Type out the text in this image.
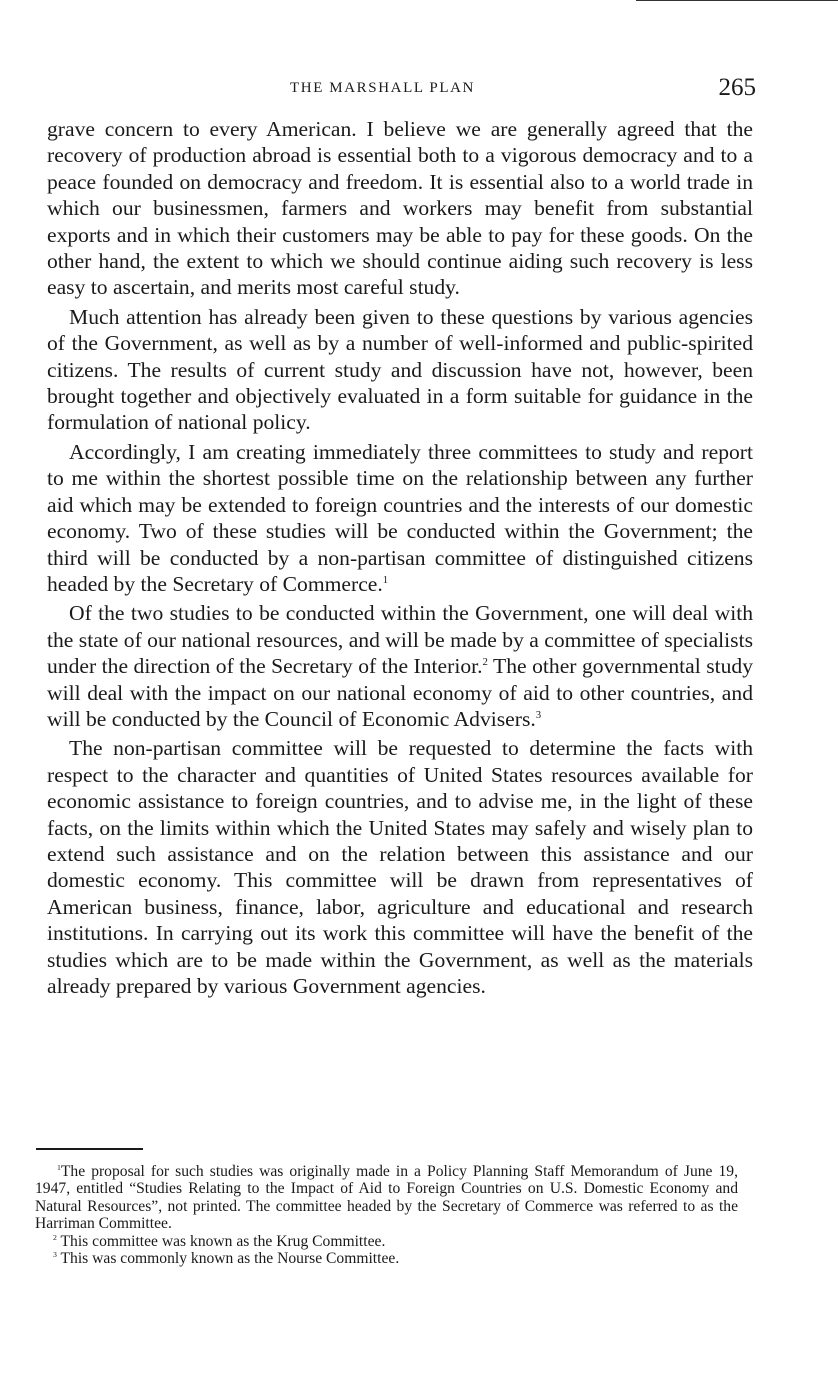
THE MARSHALL PLAN	265

grave concern to every American. I believe we are generally agreed that the recovery of production abroad is essential both to a vigorous democracy and to a peace founded on democracy and freedom. It is essential also to a world trade in which our businessmen, farmers and workers may benefit from substantial exports and in which their customers may be able to pay for these goods. On the other hand, the extent to which we should continue aiding such recovery is less easy to ascertain, and merits most careful study.

Much attention has already been given to these questions by various agencies of the Government, as well as by a number of well-informed and public-spirited citizens. The results of current study and discussion have not, however, been brought together and objectively evaluated in a form suitable for guidance in the formulation of national policy.

Accordingly, I am creating immediately three committees to study and report to me within the shortest possible time on the relationship between any further aid which may be extended to foreign countries and the interests of our domestic economy. Two of these studies will be conducted within the Government; the third will be conducted by a non-partisan committee of distinguished citizens headed by the Secretary of Commerce.$^1$

Of the two studies to be conducted within the Government, one will deal with the state of our national resources, and will be made by a committee of specialists under the direction of the Secretary of the Interior.$^2$ The other governmental study will deal with the impact on our national economy of aid to other countries, and will be conducted by the Council of Economic Advisers.$^3$

The non-partisan committee will be requested to determine the facts with respect to the character and quantities of United States resources available for economic assistance to foreign countries, and to advise me, in the light of these facts, on the limits within which the United States may safely and wisely plan to extend such assistance and on the relation between this assistance and our domestic economy. This committee will be drawn from representatives of American business, finance, labor, agriculture and educational and research institutions. In carrying out its work this committee will have the benefit of the studies which are to be made within the Government, as well as the materials already prepared by various Government agencies.

$^1$The proposal for such studies was originally made in a Policy Planning Staff Memorandum of June 19, 1947, entitled “Studies Relating to the Impact of Aid to Foreign Countries on U.S. Domestic Economy and Natural Resources”, not printed. The committee headed by the Secretary of Commerce was referred to as the Harriman Committee.

$^2$ This committee was known as the Krug Committee.

$^3$ This was commonly known as the Nourse Committee.
